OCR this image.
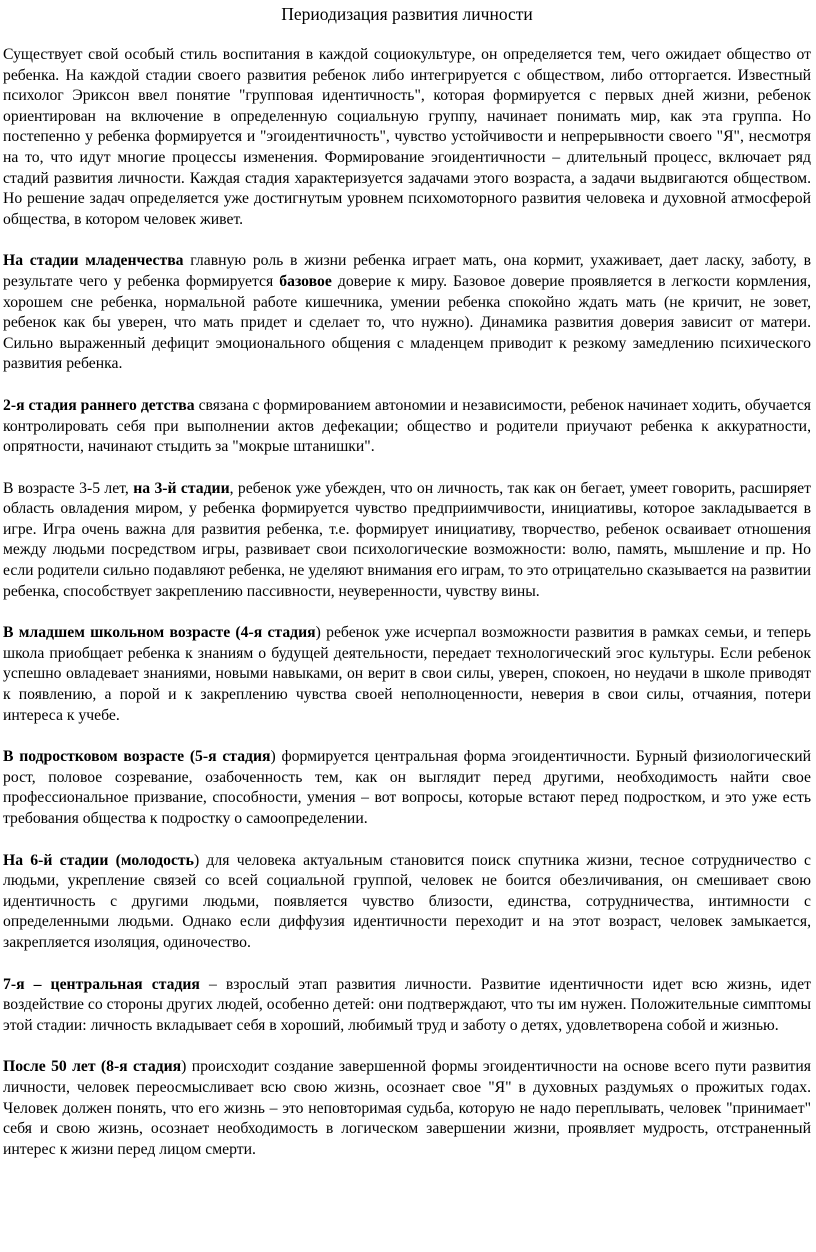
Периодизация развития личности

Существует свой особый стиль воспитания в каждой социокультуре, он определяется тем, чего ожидает общество от ребенка. На каждой стадии своего развития ребенок либо интегрируется с обществом, либо отторгается. Известный психолог Эриксон ввел понятие "групповая идентичность", которая формируется с первых дней жизни, ребенок ориентирован на включение в определенную социальную группу, начинает понимать мир, как эта группа. Но постепенно у ребенка формируется и "эгоидентичность", чувство устойчивости и непрерывности своего "Я", несмотря на то, что идут многие процессы изменения. Формирование эгоидентичности – длительный процесс, включает ряд стадий развития личности. Каждая стадия характеризуется задачами этого возраста, а задачи выдвигаются обществом. Но решение задач определяется уже достигнутым уровнем психомоторного развития человека и духовной атмосферой общества, в котором человек живет.

На стадии младенчества главную роль в жизни ребенка играет мать, она кормит, ухаживает, дает ласку, заботу, в результате чего у ребенка формируется базовое доверие к миру. Базовое доверие проявляется в легкости кормления, хорошем сне ребенка, нормальной работе кишечника, умении ребенка спокойно ждать мать (не кричит, не зовет, ребенок как бы уверен, что мать придет и сделает то, что нужно). Динамика развития доверия зависит от матери. Сильно выраженный дефицит эмоционального общения с младенцем приводит к резкому замедлению психического развития ребенка.

2-я стадия раннего детства связана с формированием автономии и независимости, ребенок начинает ходить, обучается контролировать себя при выполнении актов дефекации; общество и родители приучают ребенка к аккуратности, опрятности, начинают стыдить за "мокрые штанишки".

В возрасте 3-5 лет, на 3-й стадии, ребенок уже убежден, что он личность, так как он бегает, умеет говорить, расширяет область овладения миром, у ребенка формируется чувство предприимчивости, инициативы, которое закладывается в игре. Игра очень важна для развития ребенка, т.е. формирует инициативу, творчество, ребенок осваивает отношения между людьми посредством игры, развивает свои психологические возможности: волю, память, мышление и пр. Но если родители сильно подавляют ребенка, не уделяют внимания его играм, то это отрицательно сказывается на развитии ребенка, способствует закреплению пассивности, неуверенности, чувству вины.

В младшем школьном возрасте (4-я стадия) ребенок уже исчерпал возможности развития в рамках семьи, и теперь школа приобщает ребенка к знаниям о будущей деятельности, передает технологический эгос культуры. Если ребенок успешно овладевает знаниями, новыми навыками, он верит в свои силы, уверен, спокоен, но неудачи в школе приводят к появлению, а порой и к закреплению чувства своей неполноценности, неверия в свои силы, отчаяния, потери интереса к учебе.

В подростковом возрасте (5-я стадия) формируется центральная форма эгоидентичности. Бурный физиологический рост, половое созревание, озабоченность тем, как он выглядит перед другими, необходимость найти свое профессиональное призвание, способности, умения – вот вопросы, которые встают перед подростком, и это уже есть требования общества к подростку о самоопределении.

На 6-й стадии (молодость) для человека актуальным становится поиск спутника жизни, тесное сотрудничество с людьми, укрепление связей со всей социальной группой, человек не боится обезличивания, он смешивает свою идентичность с другими людьми, появляется чувство близости, единства, сотрудничества, интимности с определенными людьми. Однако если диффузия идентичности переходит и на этот возраст, человек замыкается, закрепляется изоляция, одиночество.

7-я – центральная стадия – взрослый этап развития личности. Развитие идентичности идет всю жизнь, идет воздействие со стороны других людей, особенно детей: они подтверждают, что ты им нужен. Положительные симптомы этой стадии: личность вкладывает себя в хороший, любимый труд и заботу о детях, удовлетворена собой и жизнью.

После 50 лет (8-я стадия) происходит создание завершенной формы эгоидентичности на основе всего пути развития личности, человек переосмысливает всю свою жизнь, осознает свое "Я" в духовных раздумьях о прожитых годах. Человек должен понять, что его жизнь – это неповторимая судьба, которую не надо переплывать, человек "принимает" себя и свою жизнь, осознает необходимость в логическом завершении жизни, проявляет мудрость, отстраненный интерес к жизни перед лицом смерти.
